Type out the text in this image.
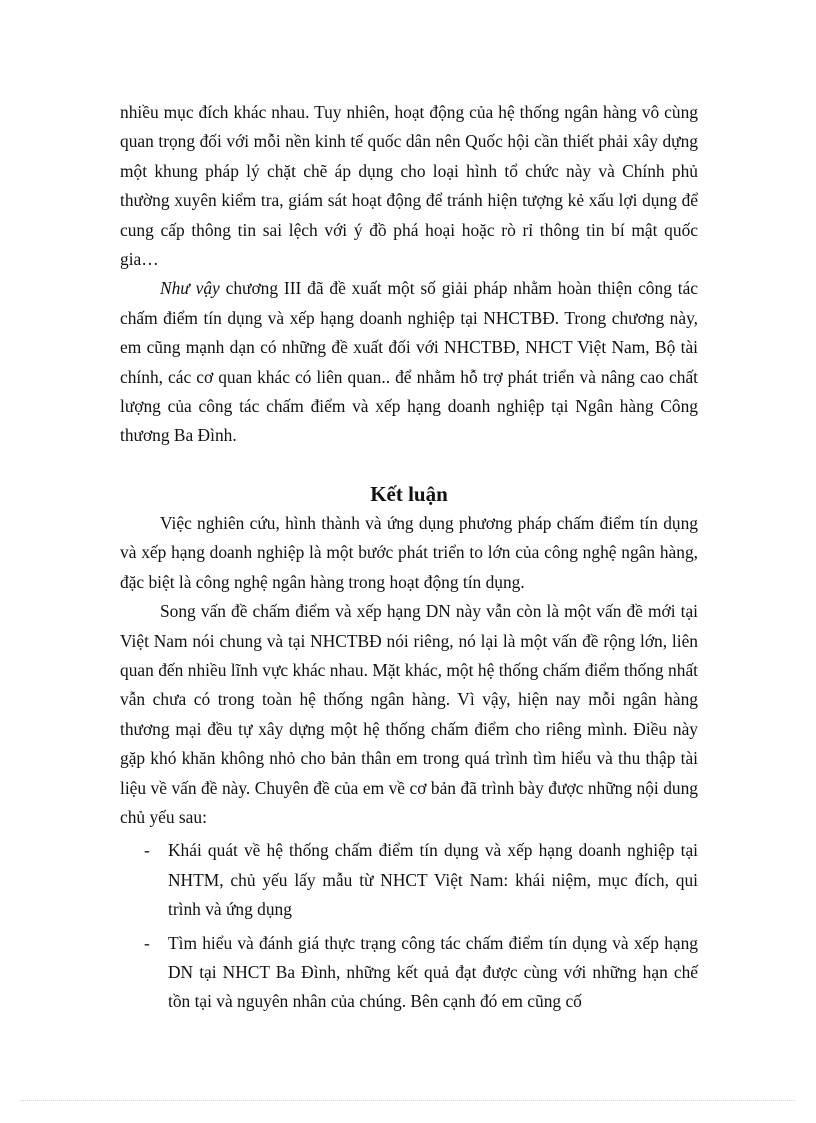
nhiều mục đích khác nhau. Tuy nhiên, hoạt động của hệ thống ngân hàng vô cùng quan trọng đối với mỗi nền kinh tế quốc dân nên Quốc hội cần thiết phải xây dựng một khung pháp lý chặt chẽ áp dụng cho loại hình tổ chức này và Chính phủ thường xuyên kiểm tra, giám sát hoạt động để tránh hiện tượng kẻ xấu lợi dụng để cung cấp thông tin sai lệch với ý đồ phá hoại hoặc rò rỉ thông tin bí mật quốc gia…

Như vậy chương III đã đề xuất một số giải pháp nhằm hoàn thiện công tác chấm điểm tín dụng và xếp hạng doanh nghiệp tại NHCTBĐ. Trong chương này, em cũng mạnh dạn có những đề xuất đối với NHCTBĐ, NHCT Việt Nam, Bộ tài chính, các cơ quan khác có liên quan.. để nhằm hỗ trợ phát triển và nâng cao chất lượng của công tác chấm điểm và xếp hạng doanh nghiệp tại Ngân hàng Công thương Ba Đình.

Kết luận

Việc nghiên cứu, hình thành và ứng dụng phương pháp chấm điểm tín dụng và xếp hạng doanh nghiệp là một bước phát triển to lớn của công nghệ ngân hàng, đặc biệt là công nghệ ngân hàng trong hoạt động tín dụng.

Song vấn đề chấm điểm và xếp hạng DN này vẫn còn là một vấn đề mới tại Việt Nam nói chung và tại NHCTBĐ nói riêng, nó lại là một vấn đề rộng lớn, liên quan đến nhiều lĩnh vực khác nhau. Mặt khác, một hệ thống chấm điểm thống nhất vẫn chưa có trong toàn hệ thống ngân hàng. Vì vậy, hiện nay mỗi ngân hàng thương mại đều tự xây dựng một hệ thống chấm điểm cho riêng mình. Điều này gặp khó khăn không nhỏ cho bản thân em trong quá trình tìm hiểu và thu thập tài liệu về vấn đề này. Chuyên đề của em về cơ bản đã trình bày được những nội dung chủ yếu sau:

- Khái quát về hệ thống chấm điểm tín dụng và xếp hạng doanh nghiệp tại NHTM, chủ yếu lấy mẫu từ NHCT Việt Nam: khái niệm, mục đích, qui trình và ứng dụng
- Tìm hiểu và đánh giá thực trạng công tác chấm điểm tín dụng và xếp hạng DN tại NHCT Ba Đình, những kết quả đạt được cùng với những hạn chế tồn tại và nguyên nhân của chúng. Bên cạnh đó em cũng cố
